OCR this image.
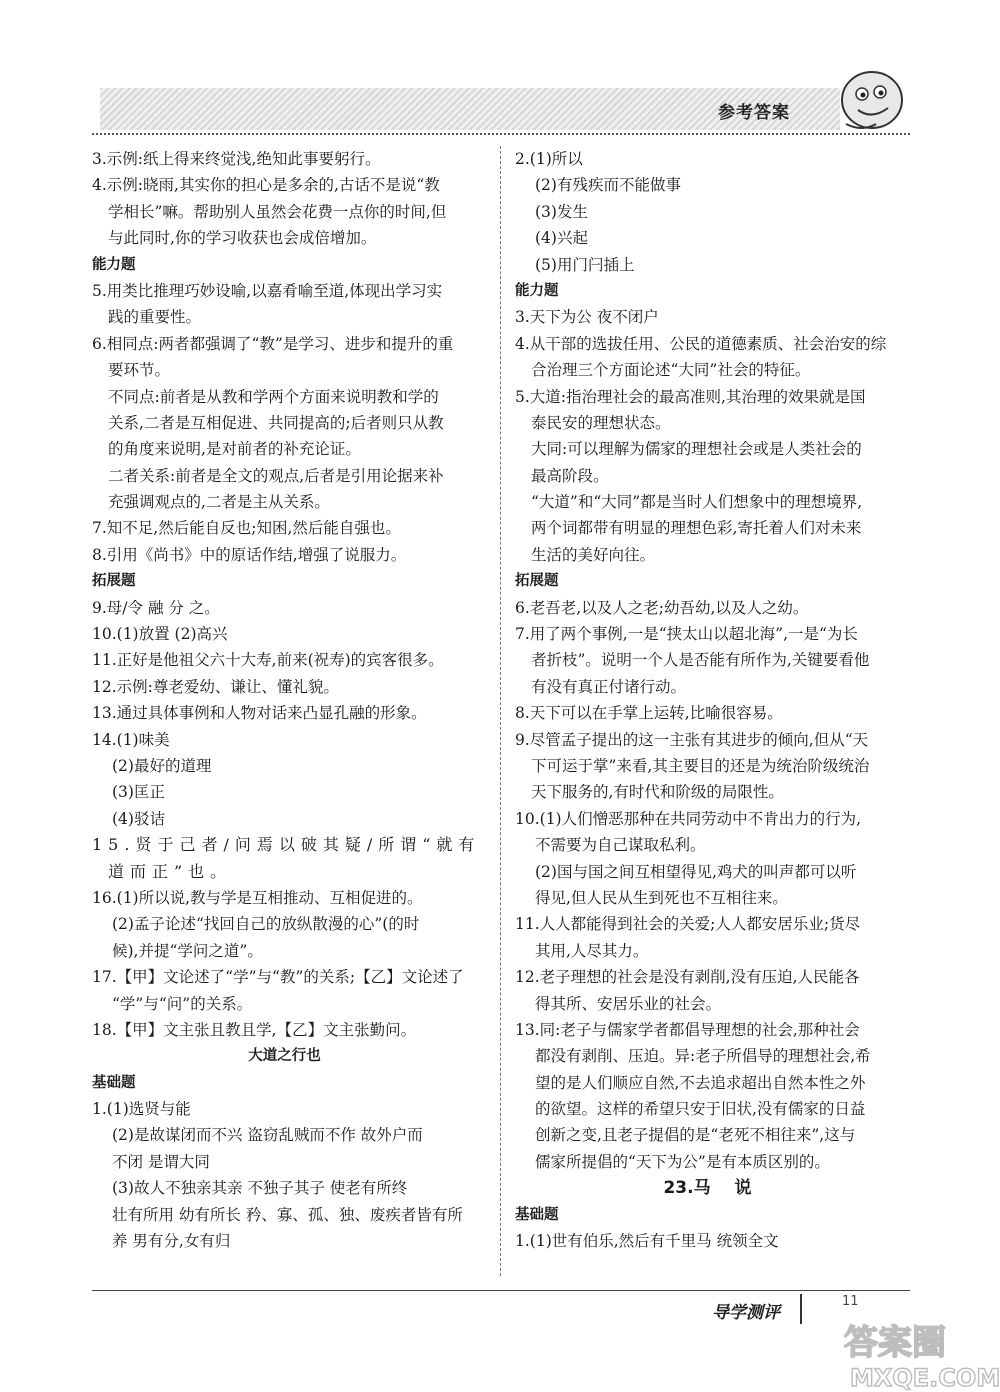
参考答案
3.示例:纸上得来终觉浅,绝知此事要躬行。
4.示例:晓雨,其实你的担心是多余的,古话不是说“教
学相长”嘛。帮助别人虽然会花费一点你的时间,但
与此同时,你的学习收获也会成倍增加。
能力题
5.用类比推理巧妙设喻,以嘉肴喻至道,体现出学习实
践的重要性。
6.相同点:两者都强调了“教”是学习、进步和提升的重
要环节。
不同点:前者是从教和学两个方面来说明教和学的
关系,二者是互相促进、共同提高的;后者则只从教
的角度来说明,是对前者的补充论证。
二者关系:前者是全文的观点,后者是引用论据来补
充强调观点的,二者是主从关系。
7.知不足,然后能自反也;知困,然后能自强也。
8.引用《尚书》中的原话作结,增强了说服力。
拓展题
9.母/令 融 分 之。
10.(1)放置 (2)高兴
11.正好是他祖父六十大寿,前来(祝寿)的宾客很多。
12.示例:尊老爱幼、谦让、懂礼貌。
13.通过具体事例和人物对话来凸显孔融的形象。
14.(1)味美
(2)最好的道理
(3)匡正
(4)驳诘
15.贤于己者/问焉以破其疑/所谓“就有
道而正”也。
16.(1)所以说,教与学是互相推动、互相促进的。
(2)孟子论述“找回自己的放纵散漫的心”(的时
候),并提“学问之道”。
17.【甲】文论述了“学”与“教”的关系;【乙】文论述了
“学”与“问”的关系。
18.【甲】文主张且教且学,【乙】文主张勤问。
大道之行也
基础题
1.(1)选贤与能
(2)是故谋闭而不兴 盗窃乱贼而不作 故外户而
不闭 是谓大同
(3)故人不独亲其亲 不独子其子 使老有所终
壮有所用 幼有所长 矜、寡、孤、独、废疾者皆有所
养 男有分,女有归
2.(1)所以
(2)有残疾而不能做事
(3)发生
(4)兴起
(5)用门闩插上
能力题
3.天下为公 夜不闭户
4.从干部的选拔任用、公民的道德素质、社会治安的综
合治理三个方面论述“大同”社会的特征。
5.大道:指治理社会的最高准则,其治理的效果就是国
泰民安的理想状态。
大同:可以理解为儒家的理想社会或是人类社会的
最高阶段。
“大道”和“大同”都是当时人们想象中的理想境界,
两个词都带有明显的理想色彩,寄托着人们对未来
生活的美好向往。
拓展题
6.老吾老,以及人之老;幼吾幼,以及人之幼。
7.用了两个事例,一是“挟太山以超北海”,一是“为长
者折枝”。说明一个人是否能有所作为,关键要看他
有没有真正付诸行动。
8.天下可以在手掌上运转,比喻很容易。
9.尽管孟子提出的这一主张有其进步的倾向,但从“天
下可运于掌”来看,其主要目的还是为统治阶级统治
天下服务的,有时代和阶级的局限性。
10.(1)人们憎恶那种在共同劳动中不肯出力的行为,
不需要为自己谋取私利。
(2)国与国之间互相望得见,鸡犬的叫声都可以听
得见,但人民从生到死也不互相往来。
11.人人都能得到社会的关爱;人人都安居乐业;货尽
其用,人尽其力。
12.老子理想的社会是没有剥削,没有压迫,人民能各
得其所、安居乐业的社会。
13.同:老子与儒家学者都倡导理想的社会,那种社会
都没有剥削、压迫。异:老子所倡导的理想社会,希
望的是人们顺应自然,不去追求超出自然本性之外
的欲望。这样的希望只安于旧状,没有儒家的日益
创新之变,且老子提倡的是“老死不相往来”,这与
儒家所提倡的“天下为公”是有本质区别的。
23.马 说
基础题
1.(1)世有伯乐,然后有千里马 统领全文
导学测评
11
答案圈
MXQE.COM
